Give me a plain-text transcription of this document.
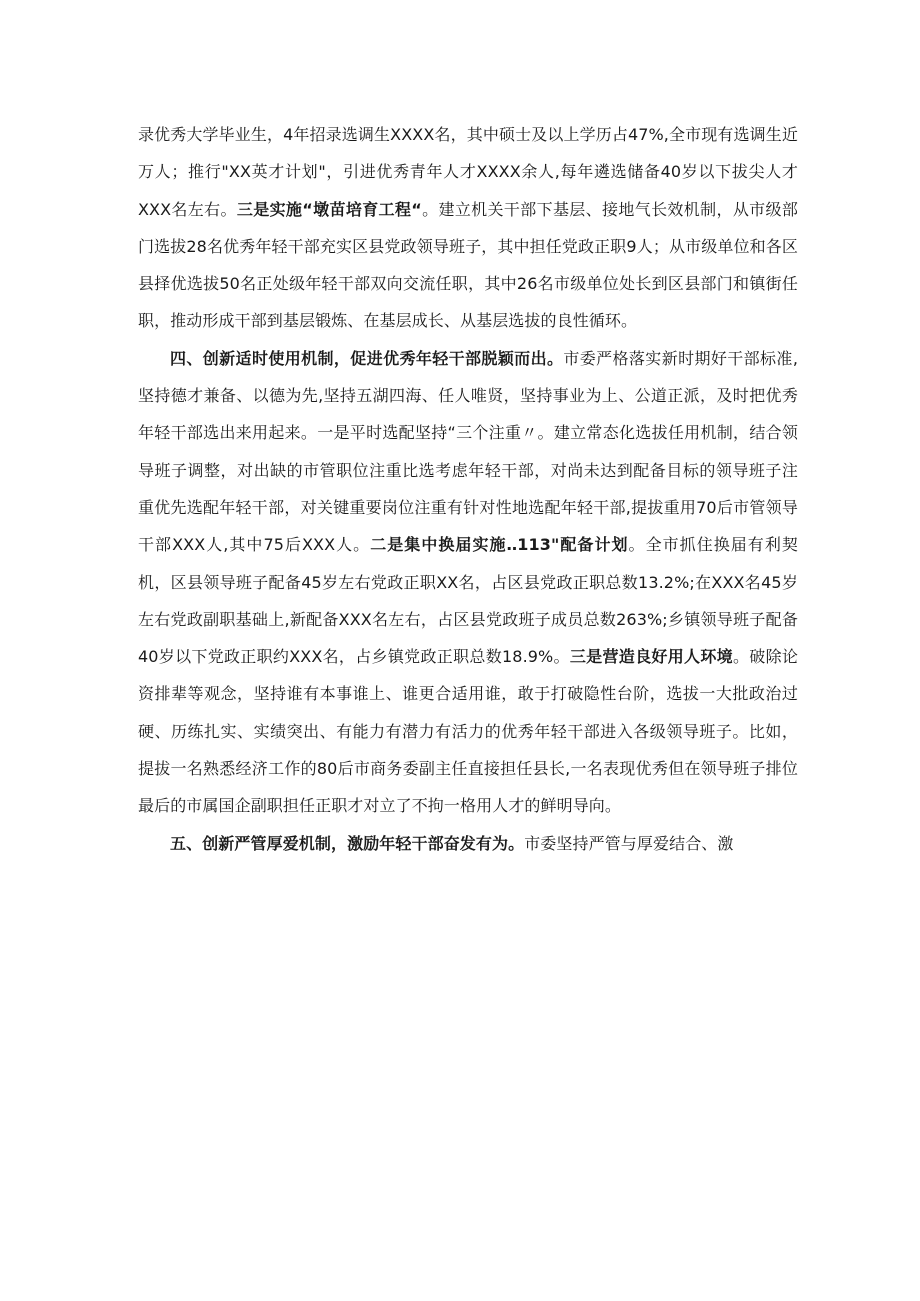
录优秀大学毕业生，4年招录选调生XXXX名，其中硕士及以上学历占47%,全市现有选调生近万人；推行"XX英才计划"，引进优秀青年人才XXXX余人,每年遴选储备40岁以下拔尖人才XXX名左右。三是实施“墩苗培育工程“。建立机关干部下基层、接地气长效机制，从市级部门选拔28名优秀年轻干部充实区县党政领导班子，其中担任党政正职9人；从市级单位和各区县择优选拔50名正处级年轻干部双向交流任职，其中26名市级单位处长到区县部门和镇街任职，推动形成干部到基层锻炼、在基层成长、从基层选拔的良性循环。

四、创新适时使用机制，促进优秀年轻干部脱颖而出。市委严格落实新时期好干部标准,坚持德才兼备、以德为先,坚持五湖四海、任人唯贤，坚持事业为上、公道正派，及时把优秀年轻干部选出来用起来。一是平时选配坚持“三个注重〃。建立常态化选拔任用机制，结合领导班子调整，对出缺的市管职位注重比选考虑年轻干部，对尚未达到配备目标的领导班子注重优先选配年轻干部，对关键重要岗位注重有针对性地选配年轻干部,提拔重用70后市管领导干部XXX人,其中75后XXX人。二是集中换届实施‥113"配备计划。全市抓住换届有利契机，区县领导班子配备45岁左右党政正职XX名，占区县党政正职总数13.2%;在XXX名45岁左右党政副职基础上,新配备XXX名左右，占区县党政班子成员总数263%;乡镇领导班子配备40岁以下党政正职约XXX名，占乡镇党政正职总数18.9%。三是营造良好用人环境。破除论资排辈等观念，坚持谁有本事谁上、谁更合适用谁，敢于打破隐性台阶，选拔一大批政治过硬、历练扎实、实绩突出、有能力有潜力有活力的优秀年轻干部进入各级领导班子。比如，提拔一名熟悉经济工作的80后市商务委副主任直接担任县长,一名表现优秀但在领导班子排位最后的市属国企副职担任正职才对立了不拘一格用人才的鲜明导向。

五、创新严管厚爱机制，激励年轻干部奋发有为。市委坚持严管与厚爱结合、激
